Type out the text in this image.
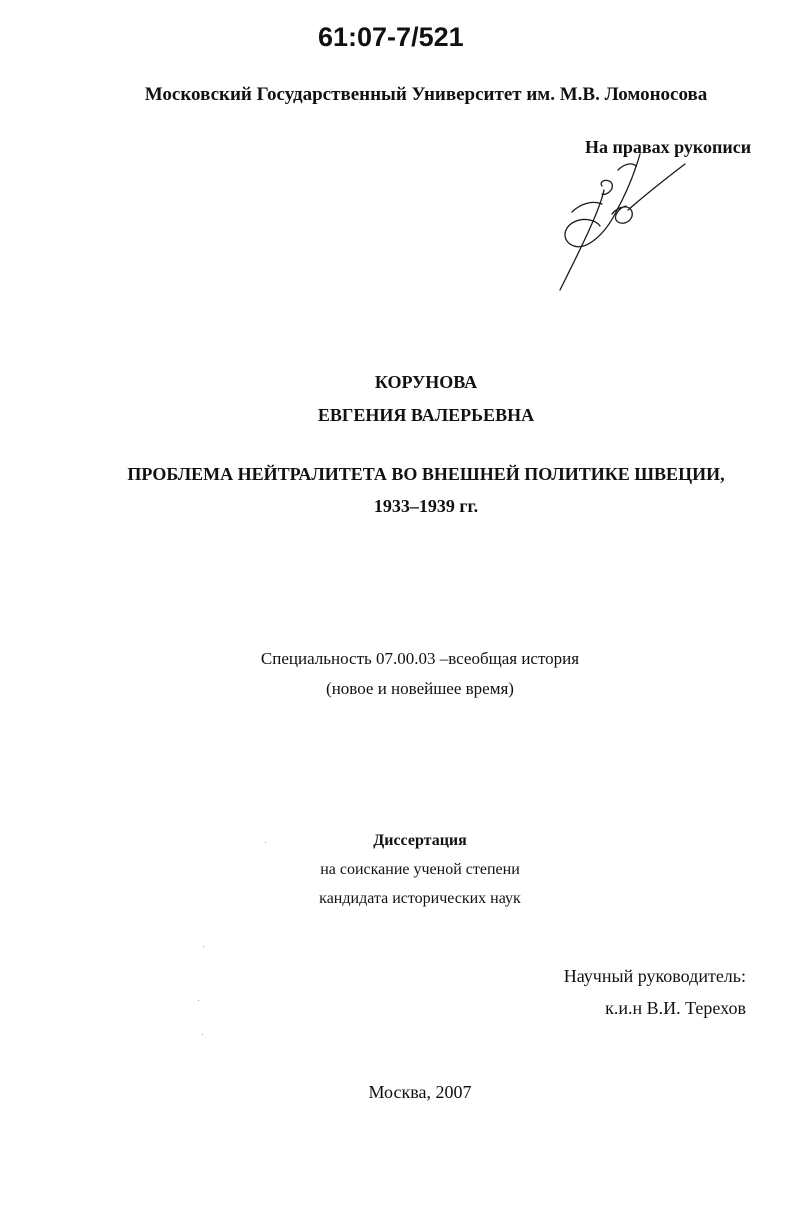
61:07-7/521
Московский Государственный Университет им. М.В. Ломоносова
На правах рукописи
КОРУНОВА
ЕВГЕНИЯ ВАЛЕРЬЕВНА
ПРОБЛЕМА НЕЙТРАЛИТЕТА ВО ВНЕШНЕЙ ПОЛИТИКЕ ШВЕЦИИ,
1933–1939 гг.
Специальность 07.00.03 –всеобщая история
(новое и новейшее время)
Диссертация
на соискание ученой степени
кандидата исторических наук
Научный руководитель:
к.и.н В.И. Терехов
Москва, 2007
